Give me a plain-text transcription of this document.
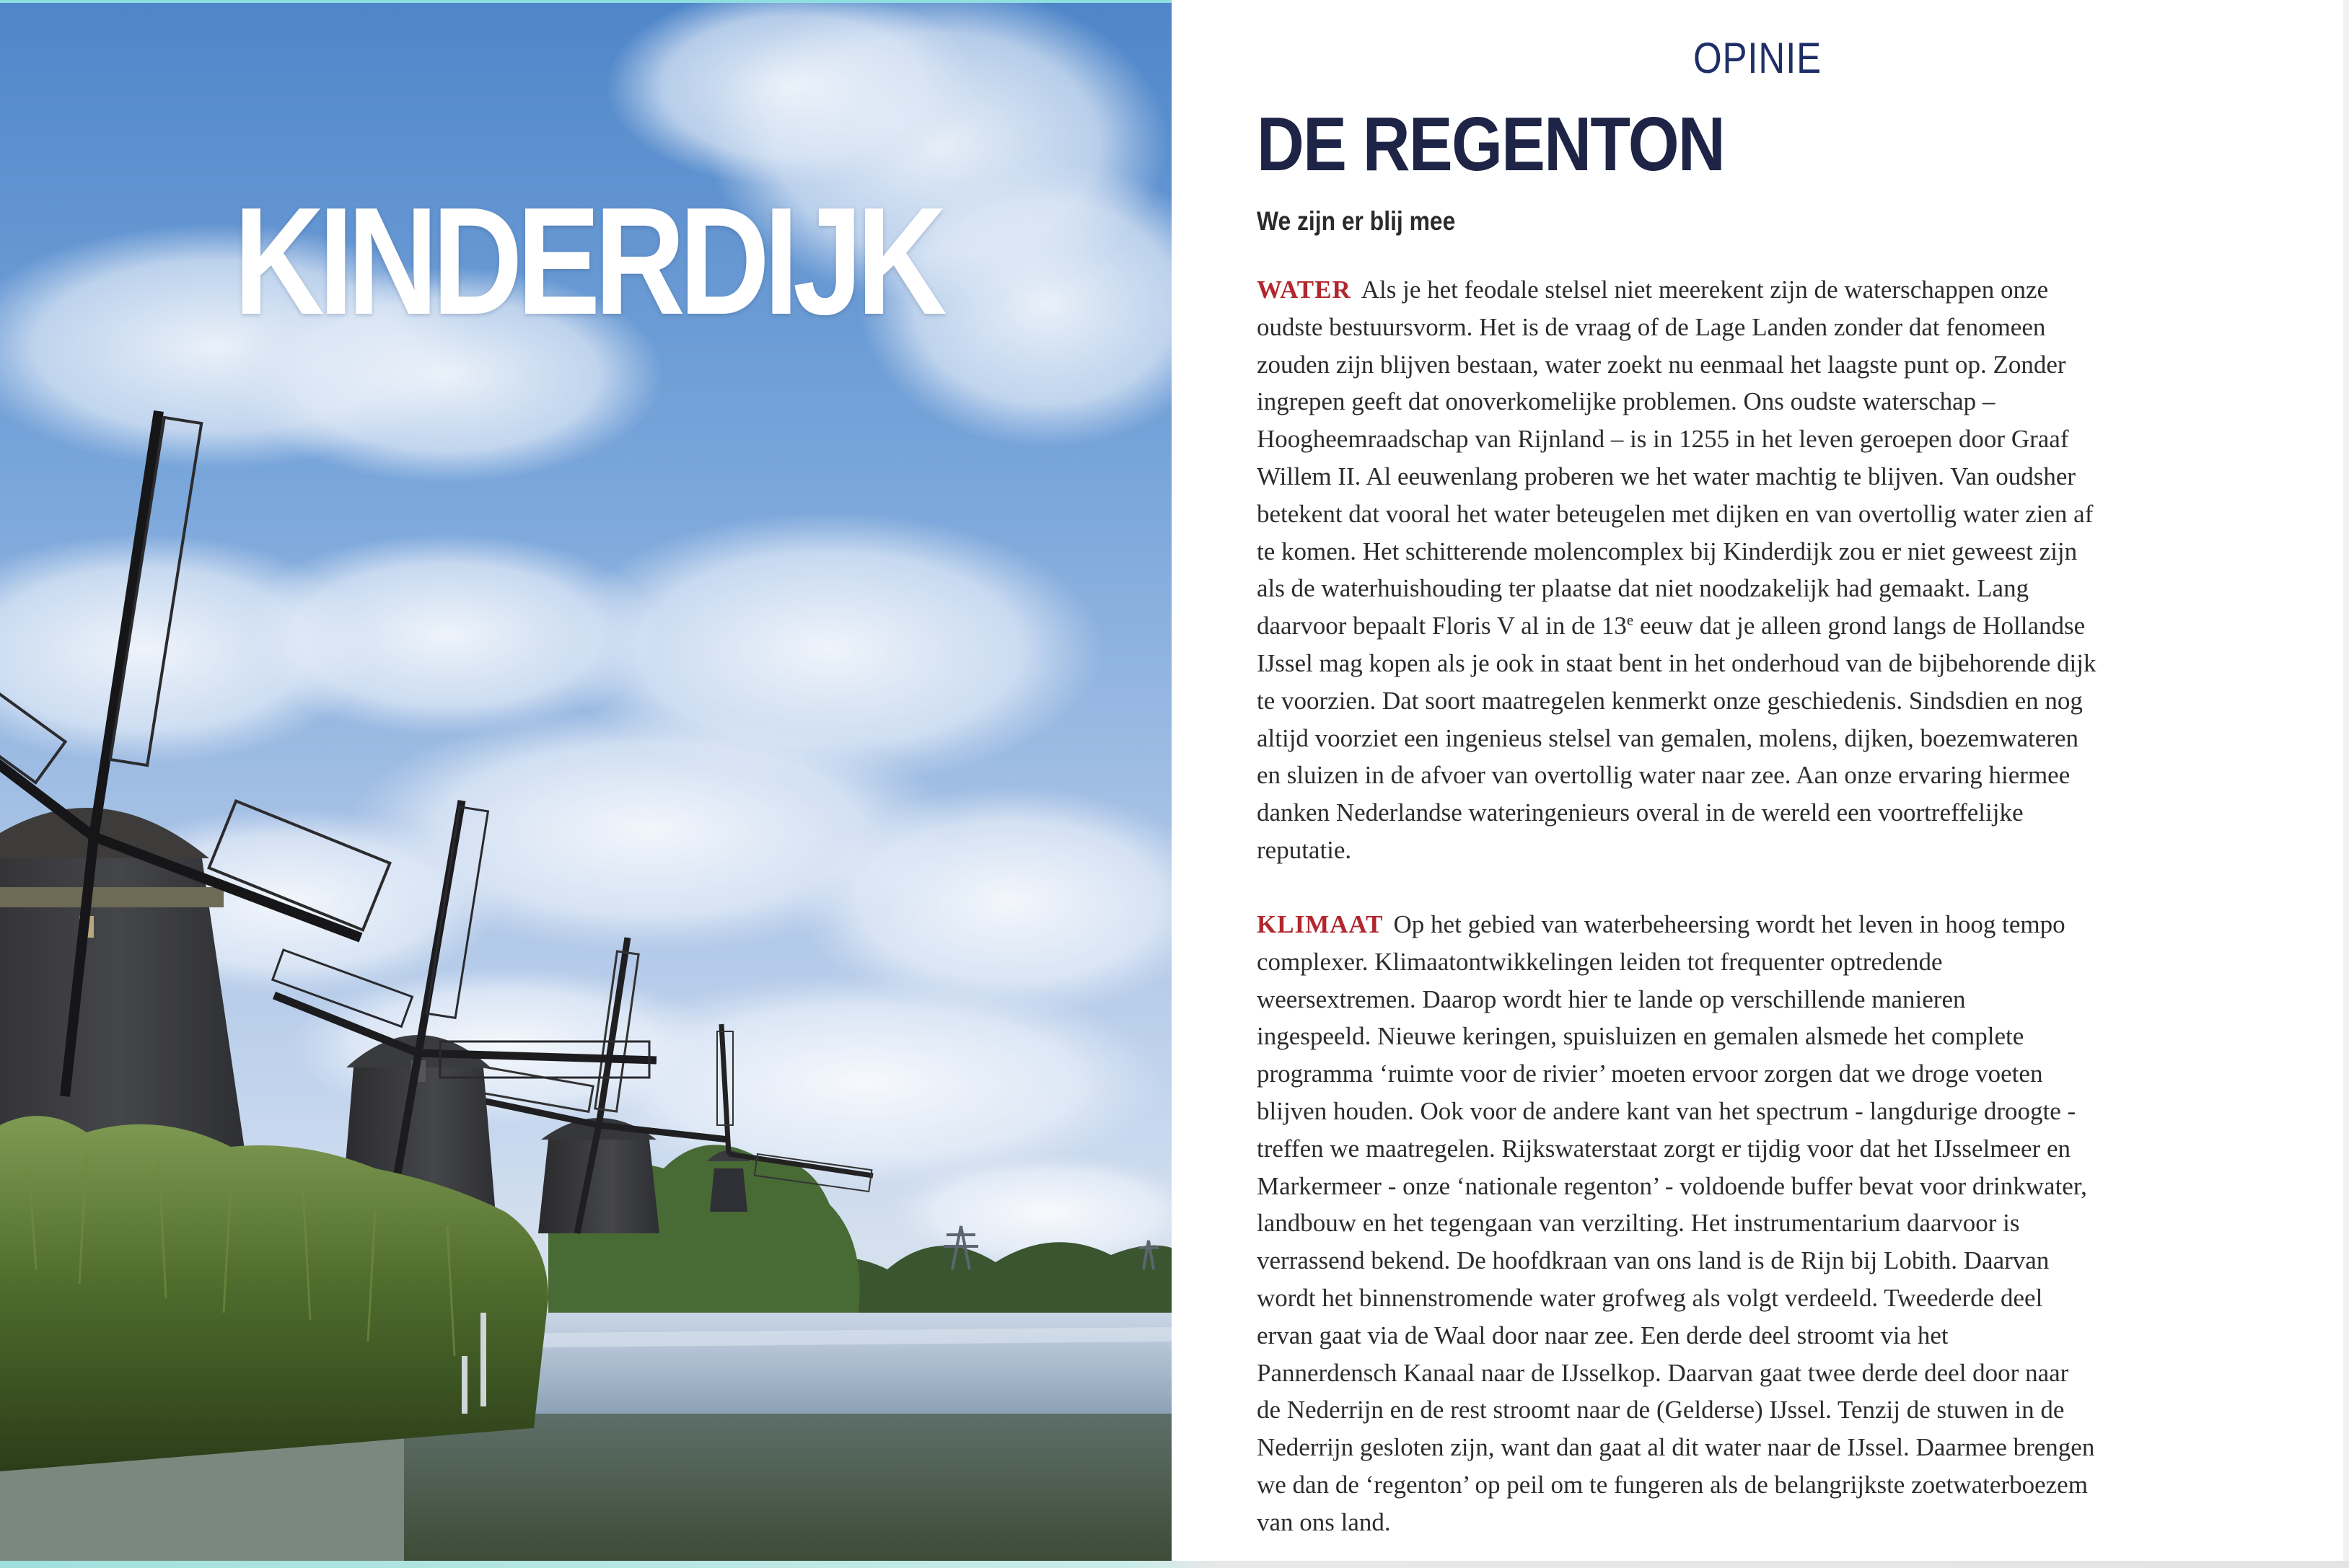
KINDERDIJK
OPINIE
DE REGENTON
We zijn er blij mee

WATER Als je het feodale stelsel niet meerekent zijn de waterschappen onze
oudste bestuursvorm. Het is de vraag of de Lage Landen zonder dat fenomeen
zouden zijn blijven bestaan, water zoekt nu eenmaal het laagste punt op. Zonder
ingrepen geeft dat onoverkomelijke problemen. Ons oudste waterschap –
Hoogheemraadschap van Rijnland – is in 1255 in het leven geroepen door Graaf
Willem II. Al eeuwenlang proberen we het water machtig te blijven. Van oudsher
betekent dat vooral het water beteugelen met dijken en van overtollig water zien af
te komen. Het schitterende molencomplex bij Kinderdijk zou er niet geweest zijn
als de waterhuishouding ter plaatse dat niet noodzakelijk had gemaakt. Lang
daarvoor bepaalt Floris V al in de 13e eeuw dat je alleen grond langs de Hollandse
IJssel mag kopen als je ook in staat bent in het onderhoud van de bijbehorende dijk
te voorzien. Dat soort maatregelen kenmerkt onze geschiedenis. Sindsdien en nog
altijd voorziet een ingenieus stelsel van gemalen, molens, dijken, boezemwateren
en sluizen in de afvoer van overtollig water naar zee. Aan onze ervaring hiermee
danken Nederlandse wateringenieurs overal in de wereld een voortreffelijke
reputatie.

KLIMAAT Op het gebied van waterbeheersing wordt het leven in hoog tempo
complexer. Klimaatontwikkelingen leiden tot frequenter optredende
weersextremen. Daarop wordt hier te lande op verschillende manieren
ingespeeld. Nieuwe keringen, spuisluizen en gemalen alsmede het complete
programma ‘ruimte voor de rivier’ moeten ervoor zorgen dat we droge voeten
blijven houden. Ook voor de andere kant van het spectrum - langdurige droogte -
treffen we maatregelen. Rijkswaterstaat zorgt er tijdig voor dat het IJsselmeer en
Markermeer - onze ‘nationale regenton’ - voldoende buffer bevat voor drinkwater,
landbouw en het tegengaan van verzilting. Het instrumentarium daarvoor is
verrassend bekend. De hoofdkraan van ons land is de Rijn bij Lobith. Daarvan
wordt het binnenstromende water grofweg als volgt verdeeld. Tweederde deel
ervan gaat via de Waal door naar zee. Een derde deel stroomt via het
Pannerdensch Kanaal naar de IJsselkop. Daarvan gaat twee derde deel door naar
de Nederrijn en de rest stroomt naar de (Gelderse) IJssel. Tenzij de stuwen in de
Nederrijn gesloten zijn, want dan gaat al dit water naar de IJssel. Daarmee brengen
we dan de ‘regenton’ op peil om te fungeren als de belangrijkste zoetwaterboezem
van ons land.
